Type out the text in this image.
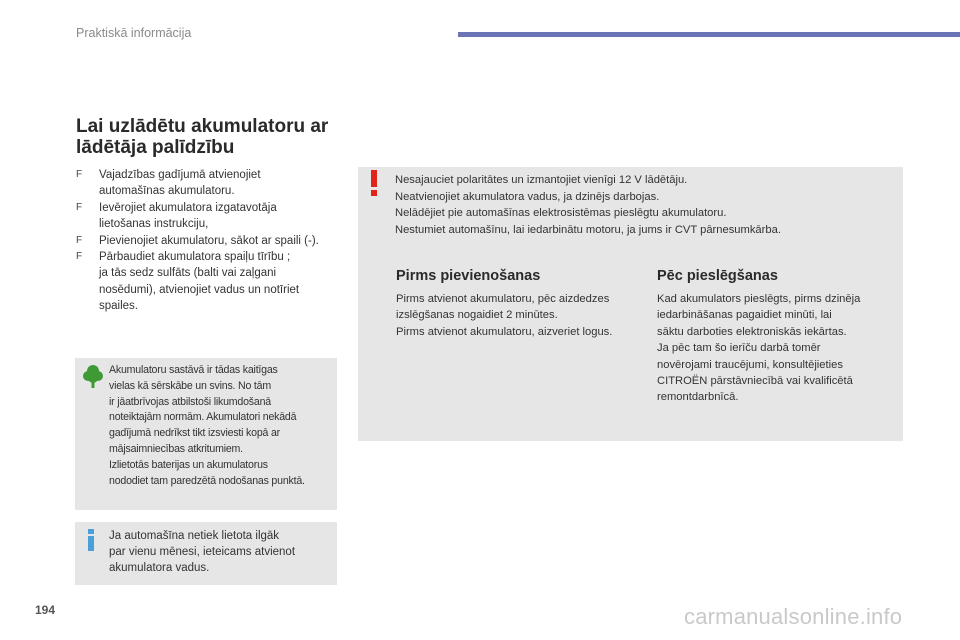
Praktiskā informācija
Lai uzlādētu akumulatoru ar
lādētāja palīdzību
F Vajadzības gadījumā atvienojiet
automašīnas akumulatoru.
F Ievērojiet akumulatora izgatavotāja
lietošanas instrukciju,
F Pievienojiet akumulatoru, sākot ar spaili (-).
F Pārbaudiet akumulatora spaiļu tīrību ;
ja tās sedz sulfāts (balti vai zaļgani
nosēdumi), atvienojiet vadus un notīriet
spailes.
Akumulatoru sastāvā ir tādas kaitīgas
vielas kā sērskābe un svins. No tām
ir jāatbrīvojas atbilstoši likumdošanā
noteiktajām normām. Akumulatori nekādā
gadījumā nedrīkst tikt izsviesti kopā ar
mājsaimniecības atkritumiem.
Izlietotās baterijas un akumulatorus
nododiet tam paredzētā nodošanas punktā.
Ja automašīna netiek lietota ilgāk
par vienu mēnesi, ieteicams atvienot
akumulatora vadus.
Nesajauciet polaritātes un izmantojiet vienīgi 12 V lādētāju.
Neatvienojiet akumulatora vadus, ja dzinējs darbojas.
Nelādējiet pie automašīnas elektrosistēmas pieslēgtu akumulatoru.
Nestumiet automašīnu, lai iedarbinātu motoru, ja jums ir CVT pārnesumkārba.
Pirms pievienošanas
Pirms atvienot akumulatoru, pēc aizdedzes
izslēgšanas nogaidiet 2 minūtes.
Pirms atvienot akumulatoru, aizveriet logus.
Pēc pieslēgšanas
Kad akumulators pieslēgts, pirms dzinēja
iedarbināšanas pagaidiet minūti, lai
sāktu darboties elektroniskās iekārtas.
Ja pēc tam šo ierīču darbā tomēr
novērojami traucējumi, konsultējieties
CITROËN pārstāvniecībā vai kvalificētā
remontdarbnīcā.
194	carmanualsonline.info
